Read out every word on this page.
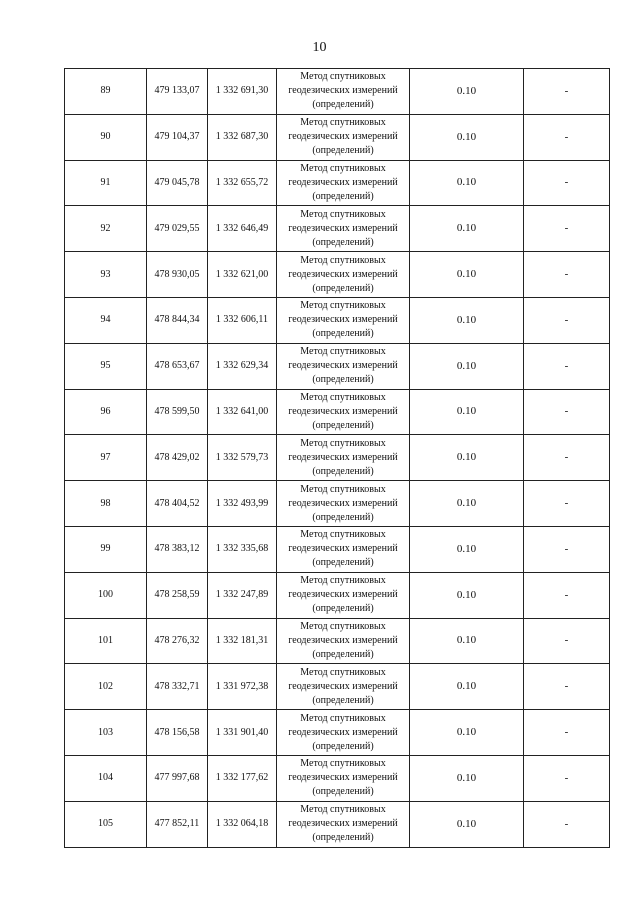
10
89	479 133,07	1 332 691,30	Метод спутниковых
геодезических измерений
(определений)	0.10	-
90	479 104,37	1 332 687,30	Метод спутниковых
геодезических измерений
(определений)	0.10	-
91	479 045,78	1 332 655,72	Метод спутниковых
геодезических измерений
(определений)	0.10	-
92	479 029,55	1 332 646,49	Метод спутниковых
геодезических измерений
(определений)	0.10	-
93	478 930,05	1 332 621,00	Метод спутниковых
геодезических измерений
(определений)	0.10	-
94	478 844,34	1 332 606,11	Метод спутниковых
геодезических измерений
(определений)	0.10	-
95	478 653,67	1 332 629,34	Метод спутниковых
геодезических измерений
(определений)	0.10	-
96	478 599,50	1 332 641,00	Метод спутниковых
геодезических измерений
(определений)	0.10	-
97	478 429,02	1 332 579,73	Метод спутниковых
геодезических измерений
(определений)	0.10	-
98	478 404,52	1 332 493,99	Метод спутниковых
геодезических измерений
(определений)	0.10	-
99	478 383,12	1 332 335,68	Метод спутниковых
геодезических измерений
(определений)	0.10	-
100	478 258,59	1 332 247,89	Метод спутниковых
геодезических измерений
(определений)	0.10	-
101	478 276,32	1 332 181,31	Метод спутниковых
геодезических измерений
(определений)	0.10	-
102	478 332,71	1 331 972,38	Метод спутниковых
геодезических измерений
(определений)	0.10	-
103	478 156,58	1 331 901,40	Метод спутниковых
геодезических измерений
(определений)	0.10	-
104	477 997,68	1 332 177,62	Метод спутниковых
геодезических измерений
(определений)	0.10	-
105	477 852,11	1 332 064,18	Метод спутниковых
геодезических измерений
(определений)	0.10	-
